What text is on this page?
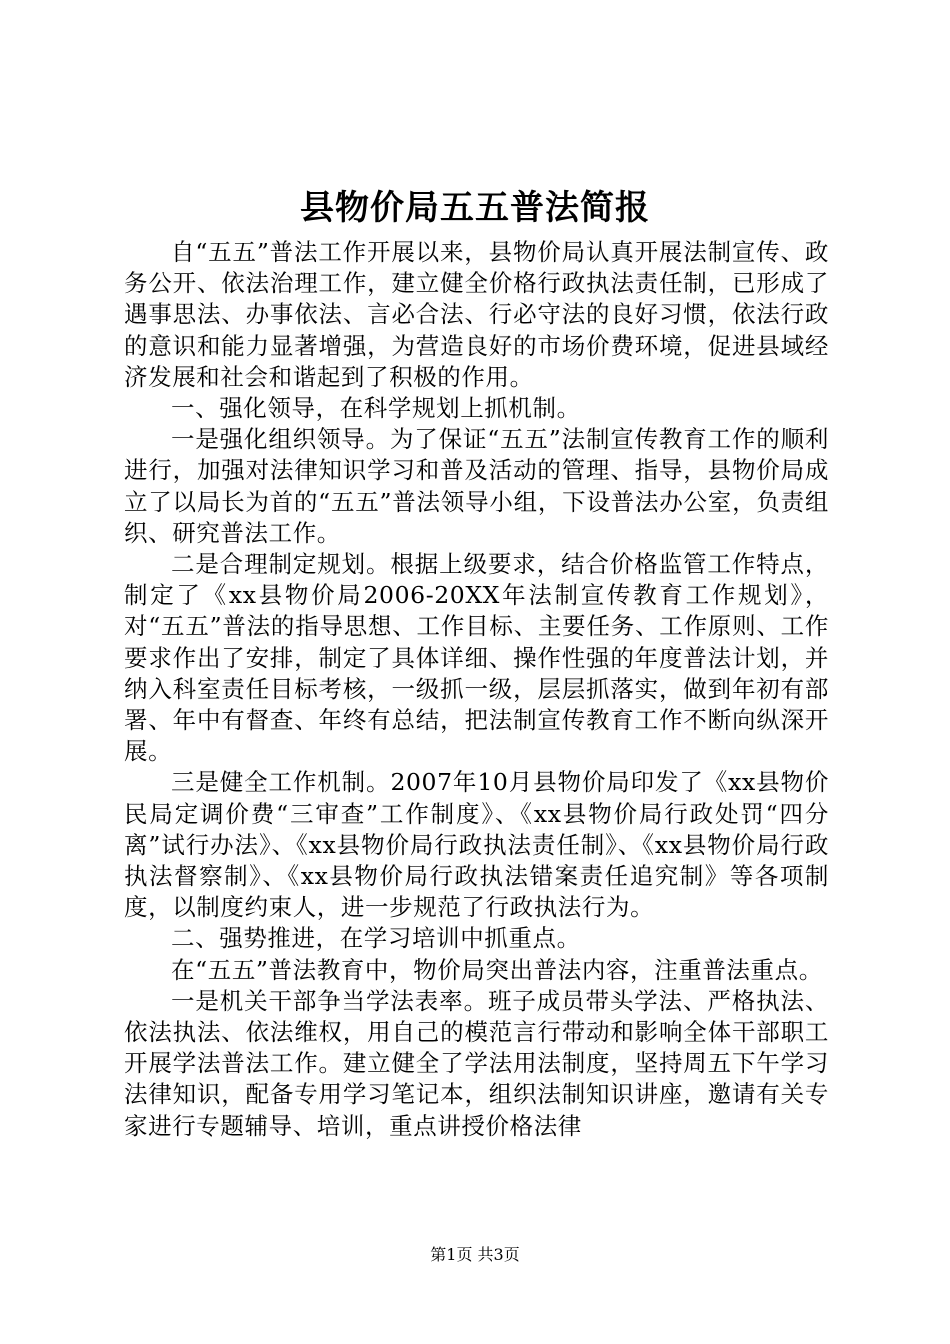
县物价局五五普法简报

自“五五”普法工作开展以来，县物价局认真开展法制宣传、政务公开、依法治理工作，建立健全价格行政执法责任制，已形成了遇事思法、办事依法、言必合法、行必守法的良好习惯，依法行政的意识和能力显著增强，为营造良好的市场价费环境，促进县域经济发展和社会和谐起到了积极的作用。

一、强化领导，在科学规划上抓机制。

一是强化组织领导。为了保证“五五”法制宣传教育工作的顺利进行，加强对法律知识学习和普及活动的管理、指导，县物价局成立了以局长为首的“五五”普法领导小组，下设普法办公室，负责组织、研究普法工作。

二是合理制定规划。根据上级要求，结合价格监管工作特点，制定了《xx县物价局2006-20XX年法制宣传教育工作规划》，对“五五”普法的指导思想、工作目标、主要任务、工作原则、工作要求作出了安排，制定了具体详细、操作性强的年度普法计划，并纳入科室责任目标考核，一级抓一级，层层抓落实，做到年初有部署、年中有督查、年终有总结，把法制宣传教育工作不断向纵深开展。

三是健全工作机制。2007年10月县物价局印发了《xx县物价民局定调价费“三审查”工作制度》、《xx县物价局行政处罚“四分离”试行办法》、《xx县物价局行政执法责任制》、《xx县物价局行政执法督察制》、《xx县物价局行政执法错案责任追究制》等各项制度，以制度约束人，进一步规范了行政执法行为。

二、强势推进，在学习培训中抓重点。

在“五五”普法教育中，物价局突出普法内容，注重普法重点。

一是机关干部争当学法表率。班子成员带头学法、严格执法、依法执法、依法维权，用自己的模范言行带动和影响全体干部职工开展学法普法工作。建立健全了学法用法制度，坚持周五下午学习法律知识，配备专用学习笔记本，组织法制知识讲座，邀请有关专家进行专题辅导、培训，重点讲授价格法律

第1页 共3页
